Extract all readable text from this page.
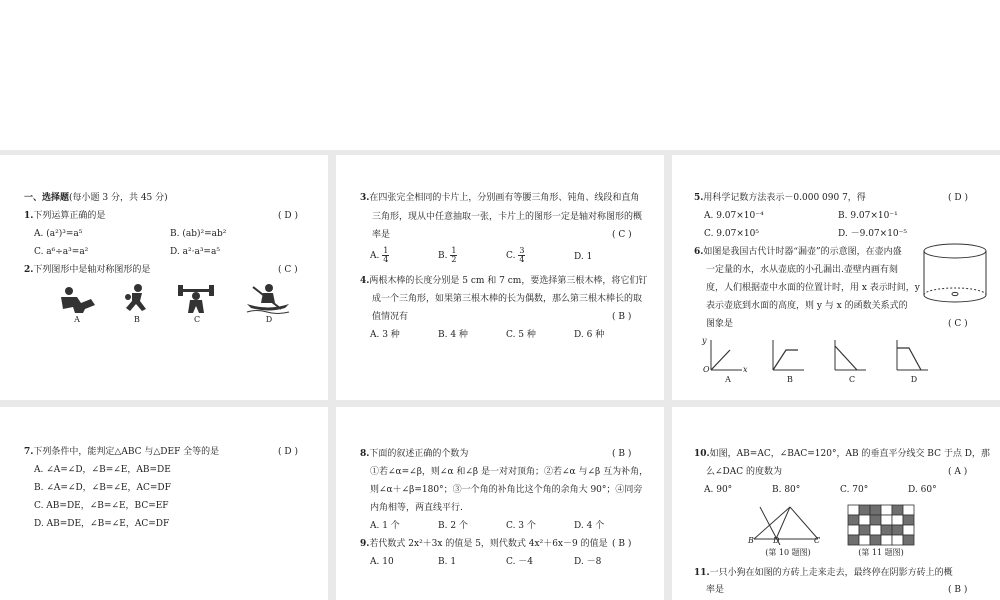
一、选择题(每小题 3 分，共 45 分)
1.下列运算正确的是	( D )
A. (a²)³=a⁵	B. (ab)²=ab²
C. a⁶÷a³=a²	D. a²·a³=a⁵
2.下列图形中是轴对称图形的是	( C )
A	B	C	D
3.在四张完全相同的卡片上，分别画有等腰三角形、钝角、线段和直角
三角形，现从中任意抽取一张，卡片上的图形一定是轴对称图形的概
率是	( C )
A. $\frac{1}{4}$	B. $\frac{1}{2}$	C. $\frac{3}{4}$	D. 1
4.两根木棒的长度分别是 5 cm 和 7 cm，要选择第三根木棒，将它们钉
成一个三角形，如果第三根木棒的长为偶数，那么第三根木棒长的取
值情况有	( B )
A. 3 种	B. 4 种	C. 5 种	D. 6 种
5.用科学记数方法表示－0.000 090 7，得	( D )
A. 9.07×10⁻⁴	B. 9.07×10⁻¹
C. 9.07×10⁵	D. －9.07×10⁻⁵
6.如图是我国古代计时器“漏壶”的示意图，在壶内盛
一定量的水，水从壶底的小孔漏出.壶壁内画有刻
度，人们根据壶中水面的位置计时，用 x 表示时间，y
表示壶底到水面的高度，则 y 与 x 的函数关系式的
图象是	( C )
A	B	C	D
y
O	x
7.下列条件中，能判定△ABC 与△DEF 全等的是	( D )
A. ∠A=∠D，∠B=∠E，AB=DE
B. ∠A=∠D，∠B=∠E，AC=DF
C. AB=DE，∠B=∠E，BC=EF
D. AB=DE，∠B=∠E，AC=DF
8.下面的叙述正确的个数为	( B )
①若∠α=∠β，则∠α 和∠β 是一对对顶角；②若∠α 与∠β 互为补角，
则∠α＋∠β=180°；③一个角的补角比这个角的余角大 90°；④同旁
内角相等，两直线平行.
A. 1 个	B. 2 个	C. 3 个	D. 4 个
9.若代数式 2x²＋3x 的值是 5，则代数式 4x²＋6x－9 的值是 ( B )
A. 10	B. 1	C. －4	D. －8
10.如图，AB=AC，∠BAC=120°，AB 的垂直平分线交 BC 于点 D，那
么∠DAC 的度数为	( A )
A. 90°	B. 80°	C. 70°	D. 60°
B D	C
(第 10 题图)	(第 11 题图)
11.一只小狗在如图的方砖上走来走去，最终停在阴影方砖上的概
率是	( B )
